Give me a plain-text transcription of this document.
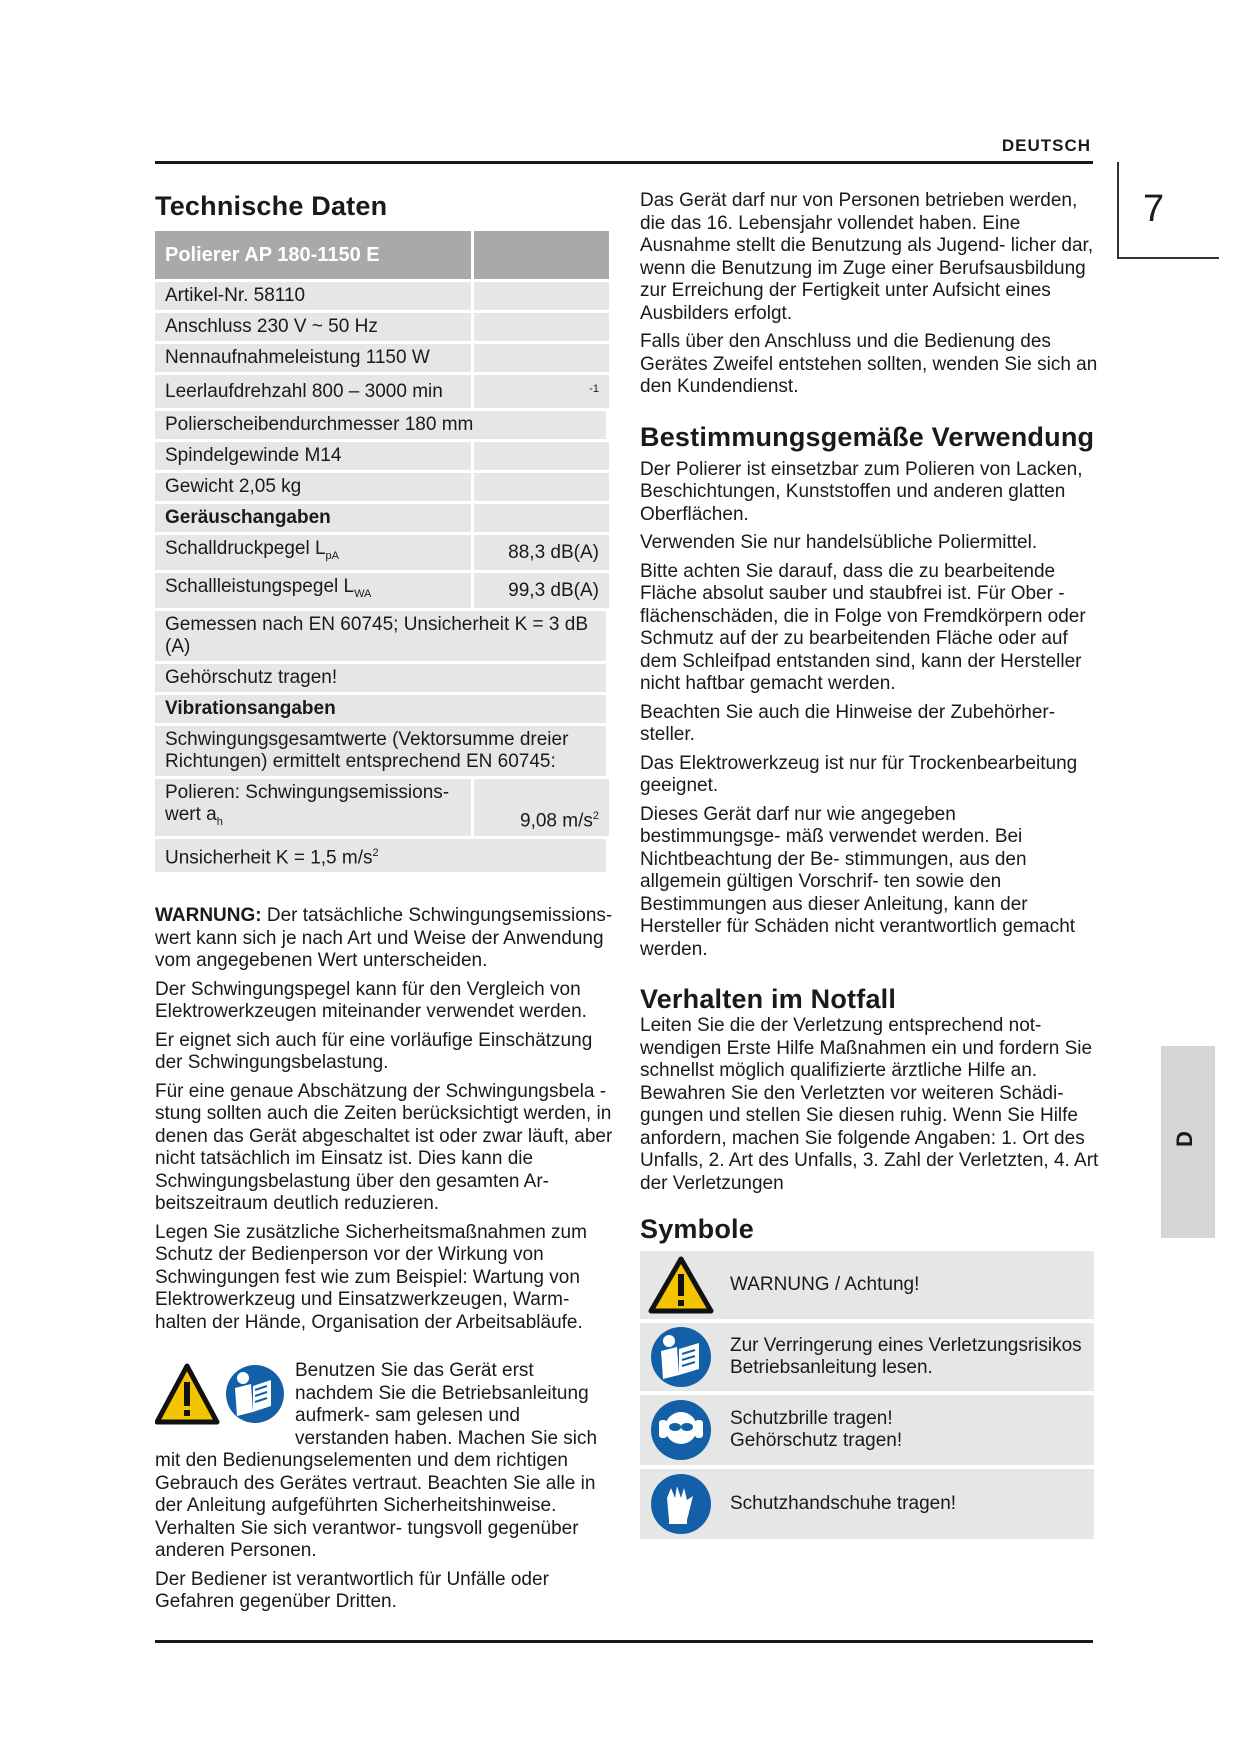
DEUTSCH
7
D
Technische Daten
Polierer AP 180-1150 E	
Artikel-Nr. 58110	
Anschluss 230 V ~ 50 Hz	
Nennaufnahmeleistung 1150 W	
Leerlaufdrehzahl 800 – 3000 min	$^{-1}$
Polierscheibendurchmesser 180 mm	
Spindelgewinde M14	
Gewicht 2,05 kg	
Geräuschangaben	
Schalldruckpegel $L_{pA}$	88,3 dB(A)
Schallleistungspegel $L_{WA}$	99,3 dB(A)
Gemessen nach EN 60745; Unsicherheit K = 3 dB (A)	
Gehörschutz tragen!	
Vibrationsangaben	
Schwingungsgesamtwerte (Vektorsumme dreier Richtungen) ermittelt entsprechend EN 60745:	
Polieren: Schwingungsemissions- wert $a_h$	9,08 $m/s^2$
Unsicherheit K = 1,5 $m/s^2$

WARNUNG: Der tatsächliche Schwingungsemissions- wert kann sich je nach Art und Weise der Anwendung vom angegebenen Wert unterscheiden.

Der Schwingungspegel kann für den Vergleich von Elektrowerkzeugen miteinander verwendet werden.

Er eignet sich auch für eine vorläufige Einschätzung der Schwingungsbelastung.

Für eine genaue Abschätzung der Schwingungsbela - stung sollten auch die Zeiten berücksichtigt werden, in denen das Gerät abgeschaltet ist oder zwar läuft, aber nicht tatsächlich im Einsatz ist. Dies kann die Schwingungsbelastung über den gesamten Ar- beitszeitraum deutlich reduzieren.

Legen Sie zusätzliche Sicherheitsmaßnahmen zum Schutz der Bedienperson vor der Wirkung von Schwingungen fest wie zum Beispiel: Wartung von Elektrowerkzeug und Einsatzwerkzeugen, Warm- halten der Hände, Organisation der Arbeitsabläufe.

Benutzen Sie das Gerät erst nachdem Sie die Betriebsanleitung aufmerk- sam gelesen und verstanden haben. Machen Sie sich mit den Bedienungselementen und dem richtigen Gebrauch des Gerätes vertraut. Beachten Sie alle in der Anleitung aufgeführten Sicherheitshinweise. Verhalten Sie sich verantwor- tungsvoll gegenüber anderen Personen.

Der Bediener ist verantwortlich für Unfälle oder Gefahren gegenüber Dritten.

Das Gerät darf nur von Personen betrieben werden, die das 16. Lebensjahr vollendet haben. Eine Ausnahme stellt die Benutzung als Jugend- licher dar, wenn die Benutzung im Zuge einer Berufsausbildung zur Erreichung der Fertigkeit unter Aufsicht eines Ausbilders erfolgt.

Falls über den Anschluss und die Bedienung des Gerätes Zweifel entstehen sollten, wenden Sie sich an den Kundendienst.

Bestimmungsgemäße Verwendung

Der Polierer ist einsetzbar zum Polieren von Lacken, Beschichtungen, Kunststoffen und anderen glatten Oberflächen.

Verwenden Sie nur handelsübliche Poliermittel.

Bitte achten Sie darauf, dass die zu bearbeitende Fläche absolut sauber und staubfrei ist. Für Ober - flächenschäden, die in Folge von Fremdkörpern oder Schmutz auf der zu bearbeitenden Fläche oder auf dem Schleifpad entstanden sind, kann der Hersteller nicht haftbar gemacht werden.

Beachten Sie auch die Hinweise der Zubehörher- steller.

Das Elektrowerkzeug ist nur für Trockenbearbeitung geeignet.

Dieses Gerät darf nur wie angegeben bestimmungsge- mäß verwendet werden. Bei Nichtbeachtung der Be- stimmungen, aus den allgemein gültigen Vorschrif- ten sowie den Bestimmungen aus dieser Anleitung, kann der Hersteller für Schäden nicht verantwortlich gemacht werden.

Verhalten im Notfall

Leiten Sie die der Verletzung entsprechend not- wendigen Erste Hilfe Maßnahmen ein und fordern Sie schnellst möglich qualifizierte ärztliche Hilfe an. Bewahren Sie den Verletzten vor weiteren Schädi- gungen und stellen Sie diesen ruhig. Wenn Sie Hilfe anfordern, machen Sie folgende Angaben: 1. Ort des Unfalls, 2. Art des Unfalls, 3. Zahl der Verletzten, 4. Art der Verletzungen

Symbole
WARNUNG / Achtung!
Zur Verringerung eines Verletzungsrisikos Betriebsanleitung lesen.
Schutzbrille tragen!
Gehörschutz tragen!
Schutzhandschuhe tragen!
